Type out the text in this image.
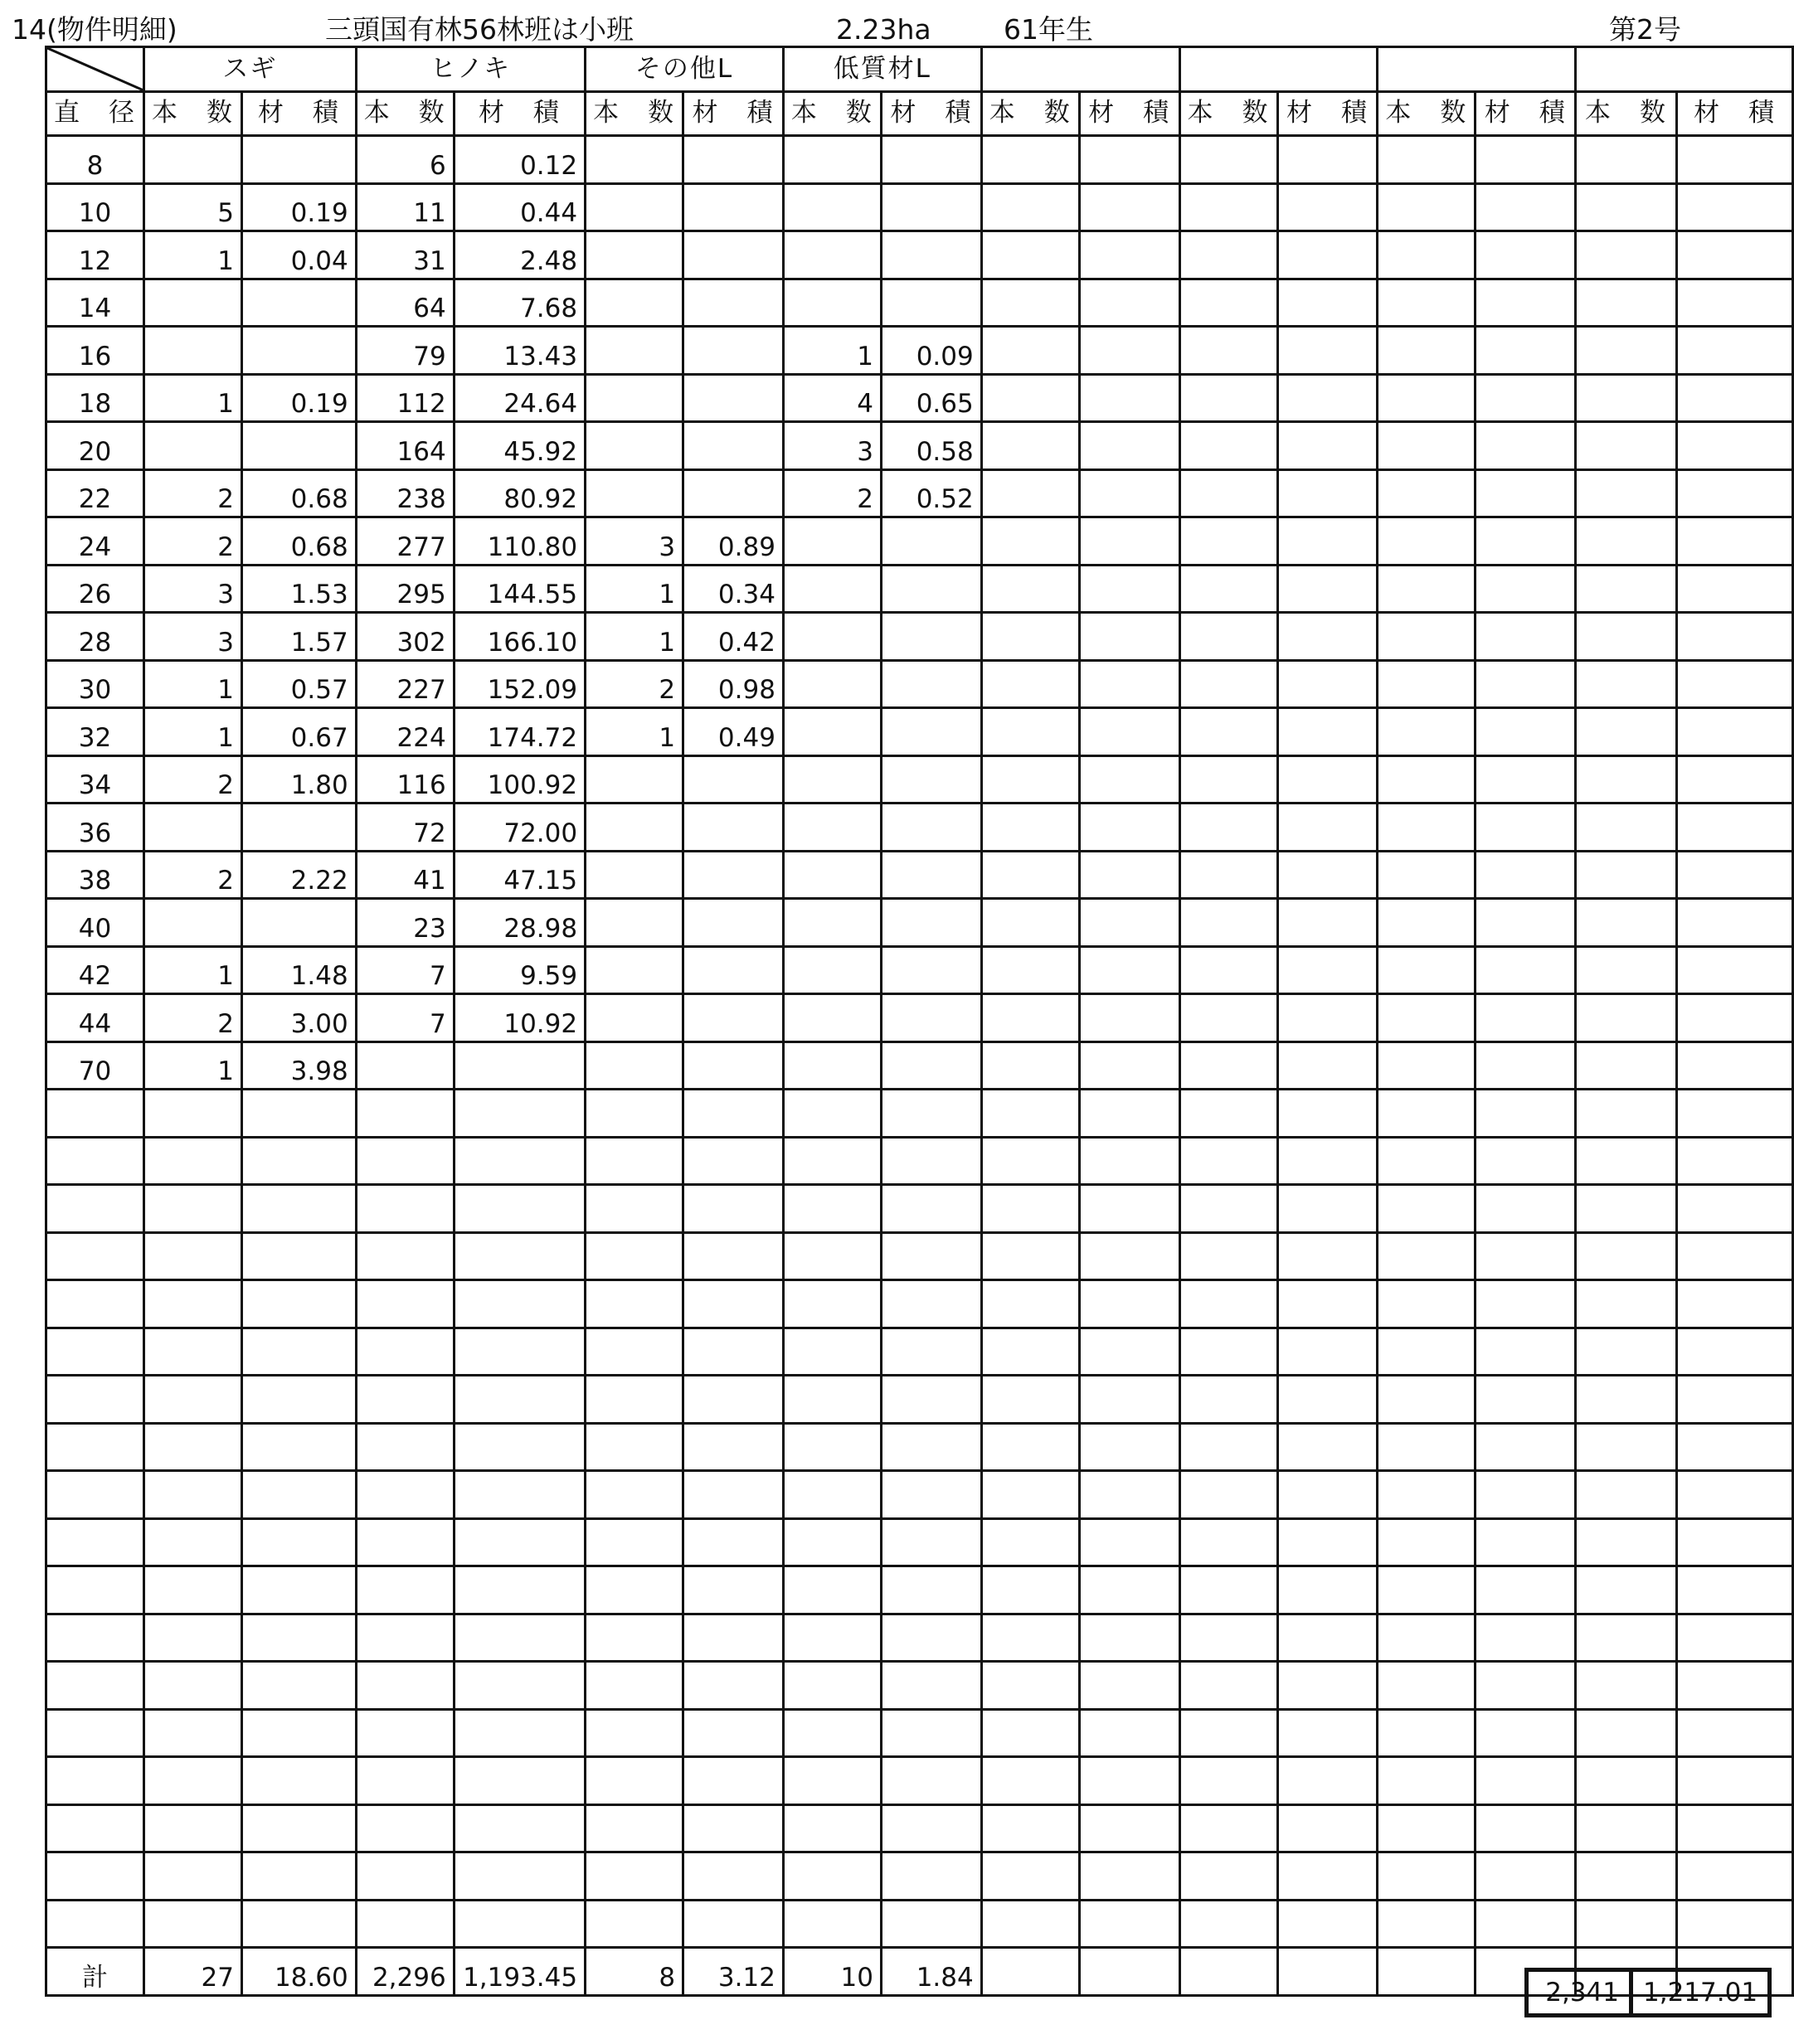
14(物件明細)	三頭国有林56林班は小班	2.23ha	61年生	第2号
	スギ		ヒノキ		その他L		低質材L									
直　径	本　数	材　積	本　数	材　積	本　数	材　積	本　数	材　積	本　数	材　積	本　数	材　積	本　数	材　積	本　数	材　積
8			6	0.12												
10	5	0.19	11	0.44												
12	1	0.04	31	2.48												
14			64	7.68												
16			79	13.43			1	0.09								
18	1	0.19	112	24.64			4	0.65								
20			164	45.92			3	0.58								
22	2	0.68	238	80.92			2	0.52								
24	2	0.68	277	110.80	3	0.89										
26	3	1.53	295	144.55	1	0.34										
28	3	1.57	302	166.10	1	0.42										
30	1	0.57	227	152.09	2	0.98										
32	1	0.67	224	174.72	1	0.49										
34	2	1.80	116	100.92												
36			72	72.00												
38	2	2.22	41	47.15												
40			23	28.98												
42	1	1.48	7	9.59												
44	2	3.00	7	10.92												
70	1	3.98														

計	27	18.60	2,296	1,193.45	8	3.12	10	1.84									2,341	1,217.01
